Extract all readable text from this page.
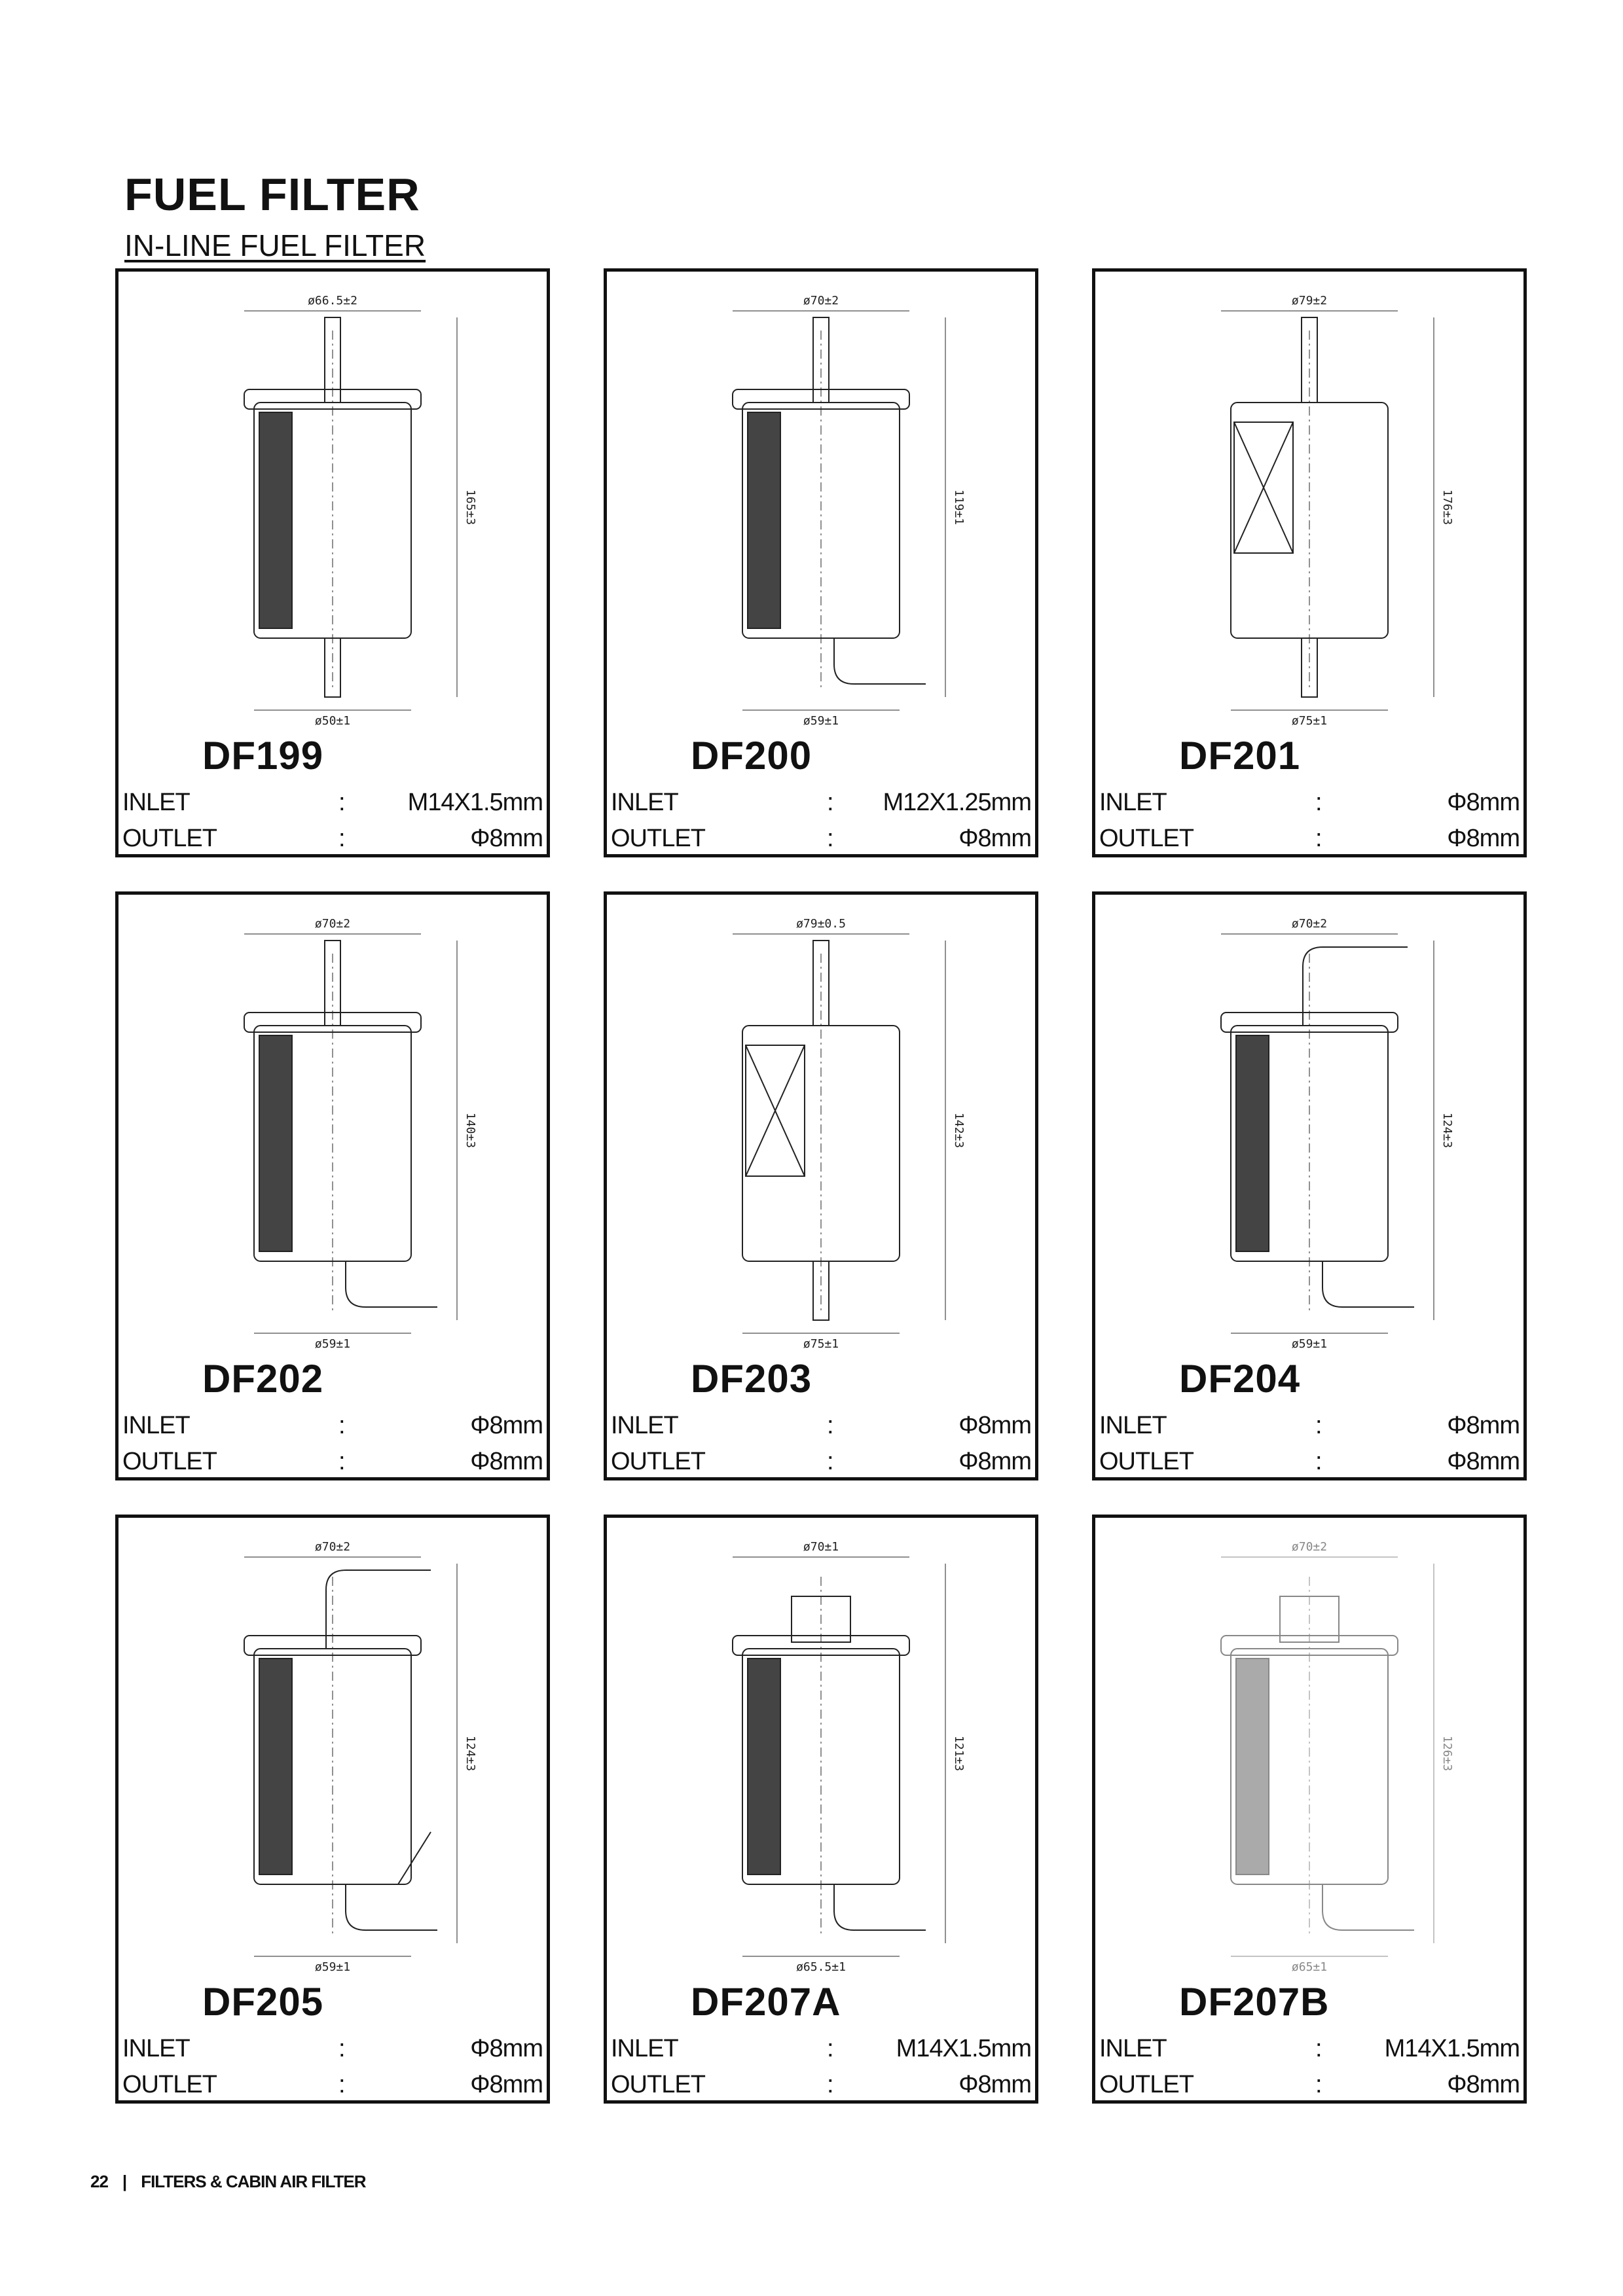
FUEL FILTER
IN-LINE FUEL FILTER
ø66.5±2
ø50±1
165±3
DF199
INLET	:	M14X1.5mm
OUTLET	:	Φ8mm
ø70±2
ø59±1
119±1
DF200
INLET	: M12X1.25mm
OUTLET	:	Φ8mm
ø79±2
ø75±1
176±3
DF201
INLET	:	Φ8mm
OUTLET	:	Φ8mm
ø70±2
ø59±1
140±3
DF202
INLET	:	Φ8mm
OUTLET	:	Φ8mm
ø79±0.5
ø75±1
142±3
DF203
INLET	:	Φ8mm
OUTLET	:	Φ8mm
ø70±2
ø59±1
124±3
DF204
INLET	:	Φ8mm
OUTLET	:	Φ8mm
ø70±2
ø59±1
124±3
DF205
INLET	:	Φ8mm
OUTLET	:	Φ8mm
ø70±1
ø65.5±1
121±3
DF207A
INLET	:	M14X1.5mm
OUTLET	:	Φ8mm
ø70±2
ø65±1
126±3
DF207B
INLET	:	M14X1.5mm
OUTLET	:	Φ8mm
22 | FILTERS & CABIN AIR FILTER
